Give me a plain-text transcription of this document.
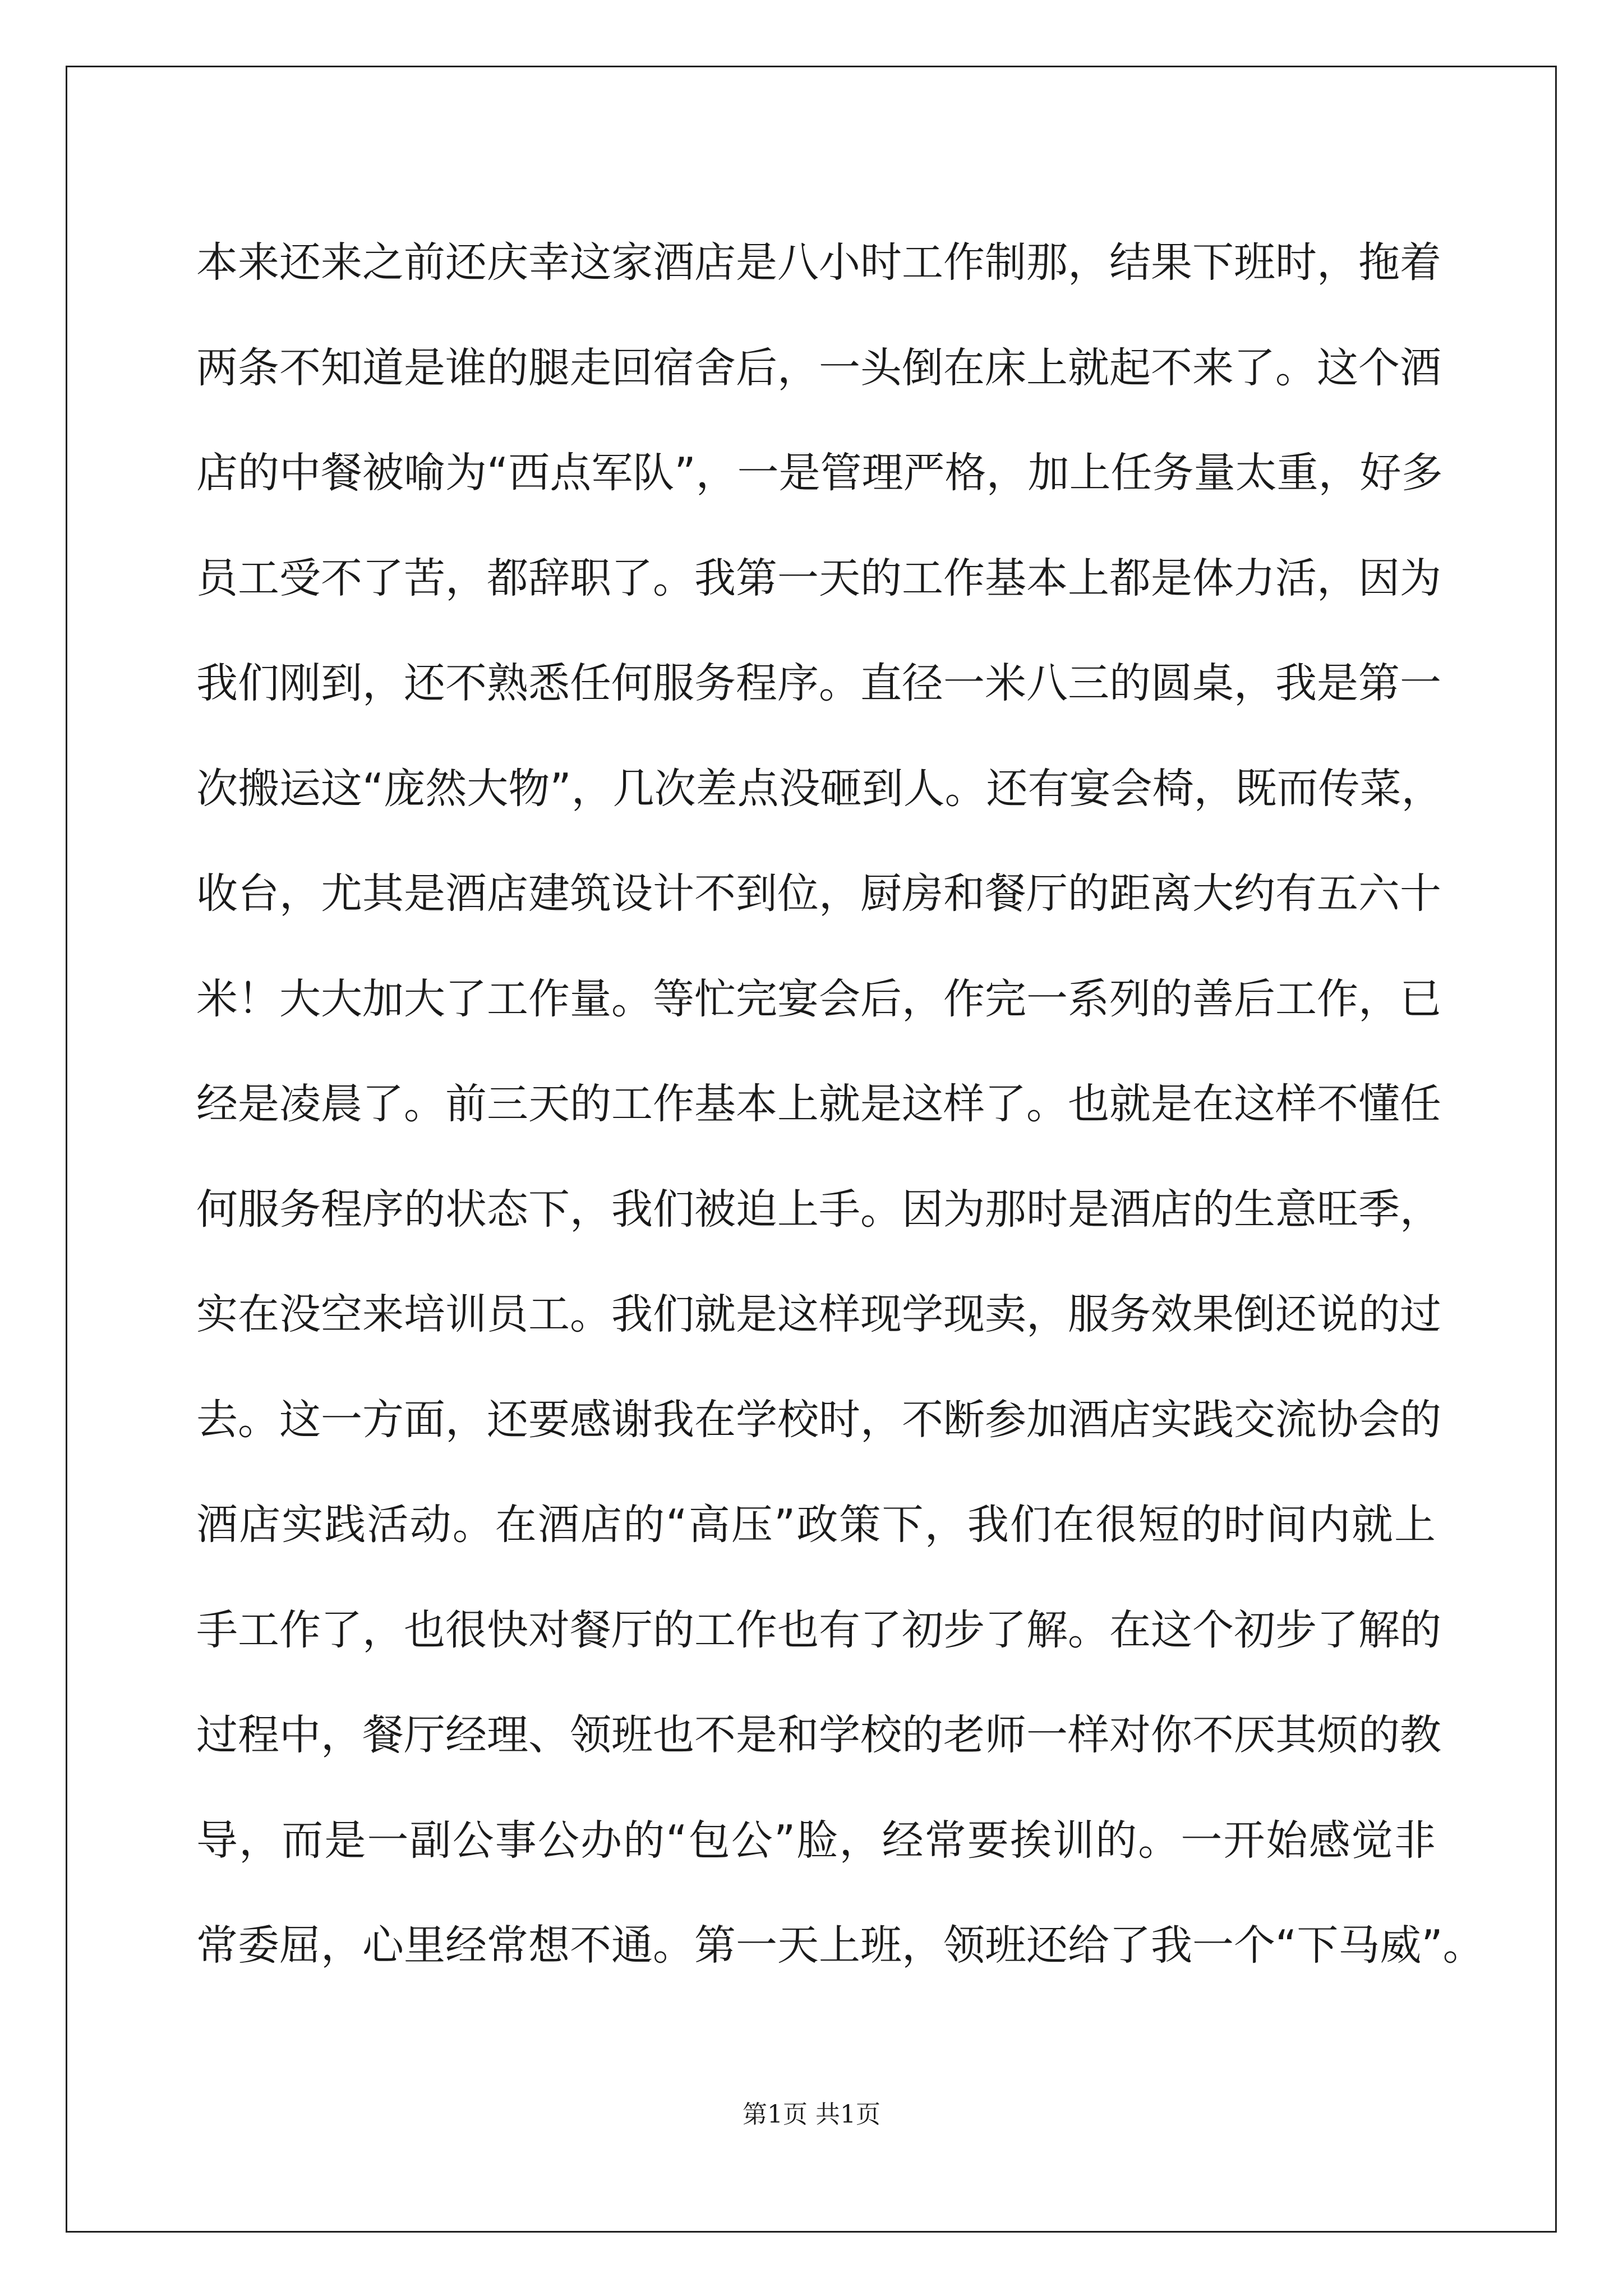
本来还来之前还庆幸这家酒店是八小时工作制那，结果下班时，拖着
两条不知道是谁的腿走回宿舍后，一头倒在床上就起不来了。这个酒
店的中餐被喻为“西点军队”，一是管理严格，加上任务量太重，好多
员工受不了苦，都辞职了。我第一天的工作基本上都是体力活，因为
我们刚到，还不熟悉任何服务程序。直径一米八三的圆桌，我是第一
次搬运这“庞然大物”，几次差点没砸到人。还有宴会椅，既而传菜，
收台，尤其是酒店建筑设计不到位，厨房和餐厅的距离大约有五六十
米！大大加大了工作量。等忙完宴会后，作完一系列的善后工作，已
经是凌晨了。前三天的工作基本上就是这样了。也就是在这样不懂任
何服务程序的状态下，我们被迫上手。因为那时是酒店的生意旺季，
实在没空来培训员工。我们就是这样现学现卖，服务效果倒还说的过
去。这一方面，还要感谢我在学校时，不断参加酒店实践交流协会的
酒店实践活动。在酒店的“高压”政策下，我们在很短的时间内就上
手工作了，也很快对餐厅的工作也有了初步了解。在这个初步了解的
过程中，餐厅经理、领班也不是和学校的老师一样对你不厌其烦的教
导，而是一副公事公办的“包公”脸，经常要挨训的。一开始感觉非
常委屈，心里经常想不通。第一天上班，领班还给了我一个“下马威”。
第1页 共1页
